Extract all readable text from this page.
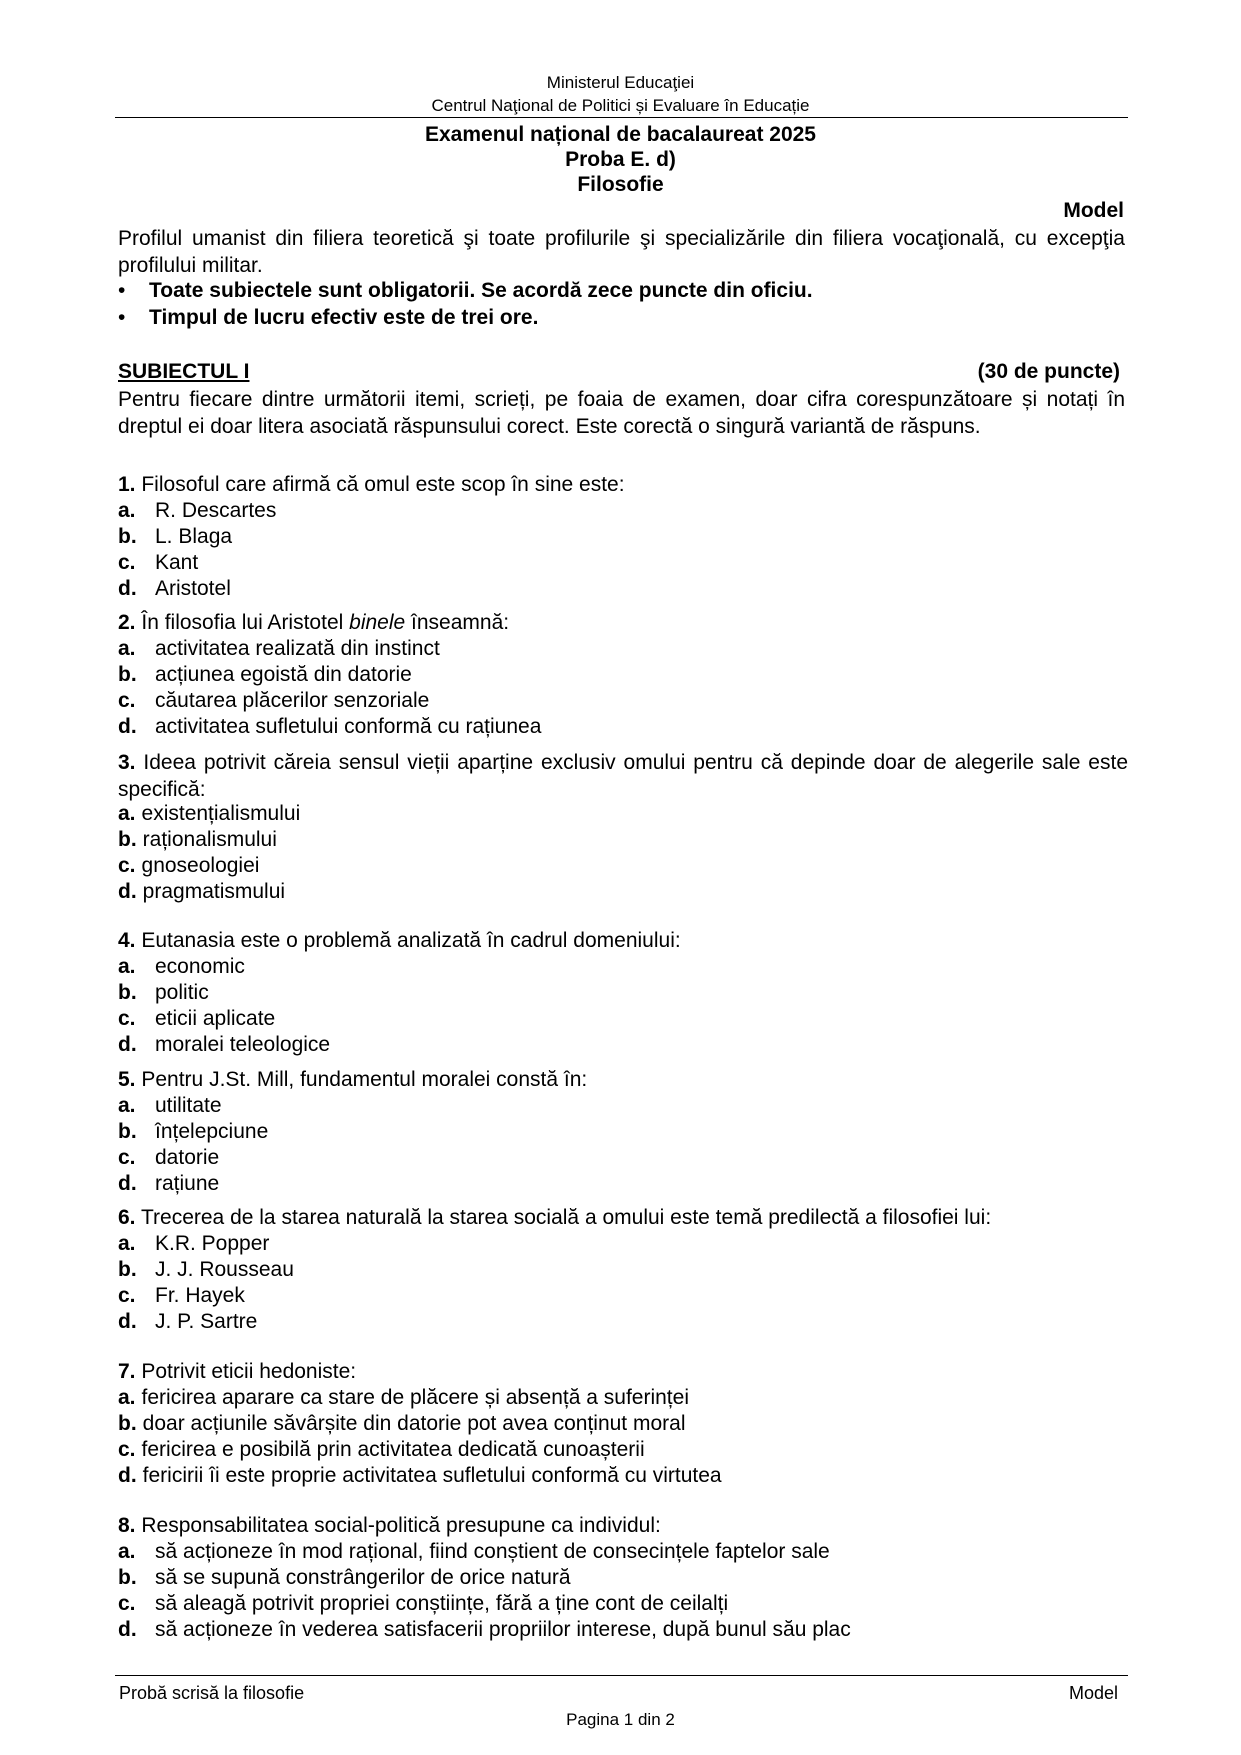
Ministerul Educaţiei
Centrul Naţional de Politici și Evaluare în Educație
Examenul național de bacalaureat 2025
Proba E. d)
Filosofie
Model
Profilul umanist din filiera teoretică şi toate profilurile şi specializările din filiera vocaţională, cu excepţia profilului militar.
• Toate subiectele sunt obligatorii. Se acordă zece puncte din oficiu.
• Timpul de lucru efectiv este de trei ore.
SUBIECTUL I	(30 de puncte)
Pentru fiecare dintre următorii itemi, scrieți, pe foaia de examen, doar cifra corespunzătoare și notați în dreptul ei doar litera asociată răspunsului corect. Este corectă o singură variantă de răspuns.
1. Filosoful care afirmă că omul este scop în sine este:
a. R. Descartes
b. L. Blaga
c. Kant
d. Aristotel
2. În filosofia lui Aristotel binele înseamnă:
a. activitatea realizată din instinct
b. acțiunea egoistă din datorie
c. căutarea plăcerilor senzoriale
d. activitatea sufletului conformă cu rațiunea
3. Ideea potrivit căreia sensul vieții aparține exclusiv omului pentru că depinde doar de alegerile sale este specifică:
a. existențialismului
b. raționalismului
c. gnoseologiei
d. pragmatismului
4. Eutanasia este o problemă analizată în cadrul domeniului:
a. economic
b. politic
c. eticii aplicate
d. moralei teleologice
5. Pentru J.St. Mill, fundamentul moralei constă în:
a. utilitate
b. înțelepciune
c. datorie
d. rațiune
6. Trecerea de la starea naturală la starea socială a omului este temă predilectă a filosofiei lui:
a. K.R. Popper
b. J. J. Rousseau
c. Fr. Hayek
d. J. P. Sartre
7. Potrivit eticii hedoniste:
a. fericirea aparare ca stare de plăcere și absență a suferinței
b. doar acțiunile săvârșite din datorie pot avea conținut moral
c. fericirea e posibilă prin activitatea dedicată cunoașterii
d. fericirii îi este proprie activitatea sufletului conformă cu virtutea
8. Responsabilitatea social-politică presupune ca individul:
a. să acționeze în mod rațional, fiind conștient de consecințele faptelor sale
b. să se supună constrângerilor de orice natură
c. să aleagă potrivit propriei conștiințe, fără a ține cont de ceilalți
d. să acționeze în vederea satisfacerii propriilor interese, după bunul său plac
Probă scrisă la filosofie	Model
Pagina 1 din 2
